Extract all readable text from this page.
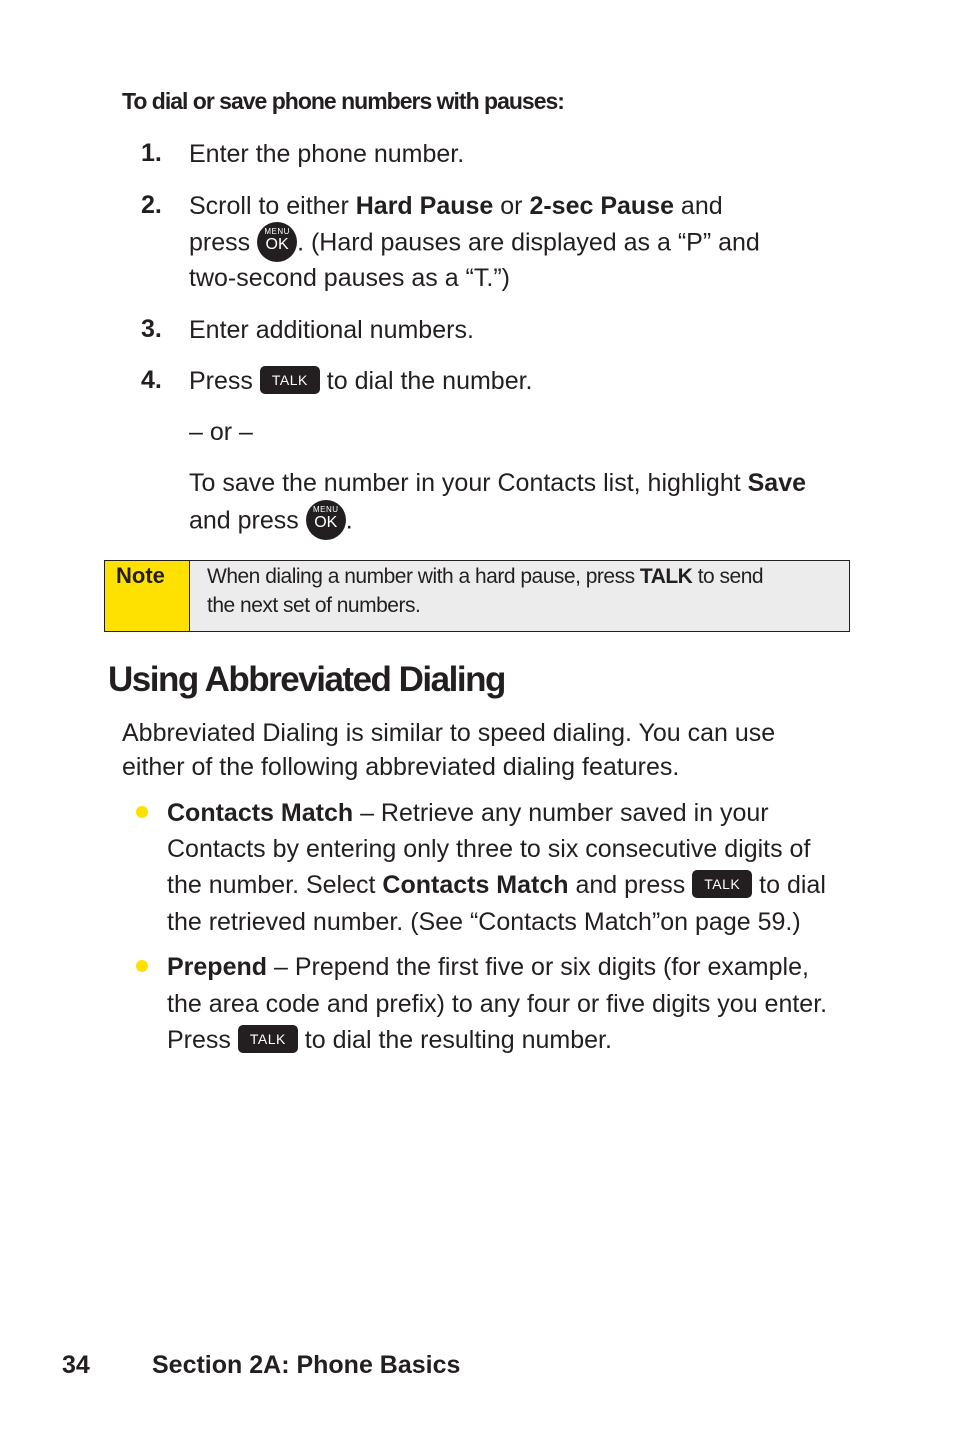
To dial or save phone numbers with pauses:
1. Enter the phone number.
2. Scroll to either Hard Pause or 2-sec Pause and
press MENU
OK . (Hard pauses are displayed as a “P” and
two-second pauses as a “T.”)
3. Enter additional numbers.
4. Press TALK to dial the number.
– or –
To save the number in your Contacts list, highlight Save
and press MENU
OK .
Note	When dialing a number with a hard pause, press TALK to send
the next set of numbers.
Using Abbreviated Dialing
Abbreviated Dialing is similar to speed dialing. You can use
either of the following abbreviated dialing features.
Contacts Match – Retrieve any number saved in your
Contacts by entering only three to six consecutive digits of
the number. Select Contacts Match and press TALK to dial
the retrieved number. (See “Contacts Match”on page 59.)
Prepend – Prepend the first five or six digits (for example,
the area code and prefix) to any four or five digits you enter.
Press TALK to dial the resulting number.
34 Section 2A: Phone Basics
